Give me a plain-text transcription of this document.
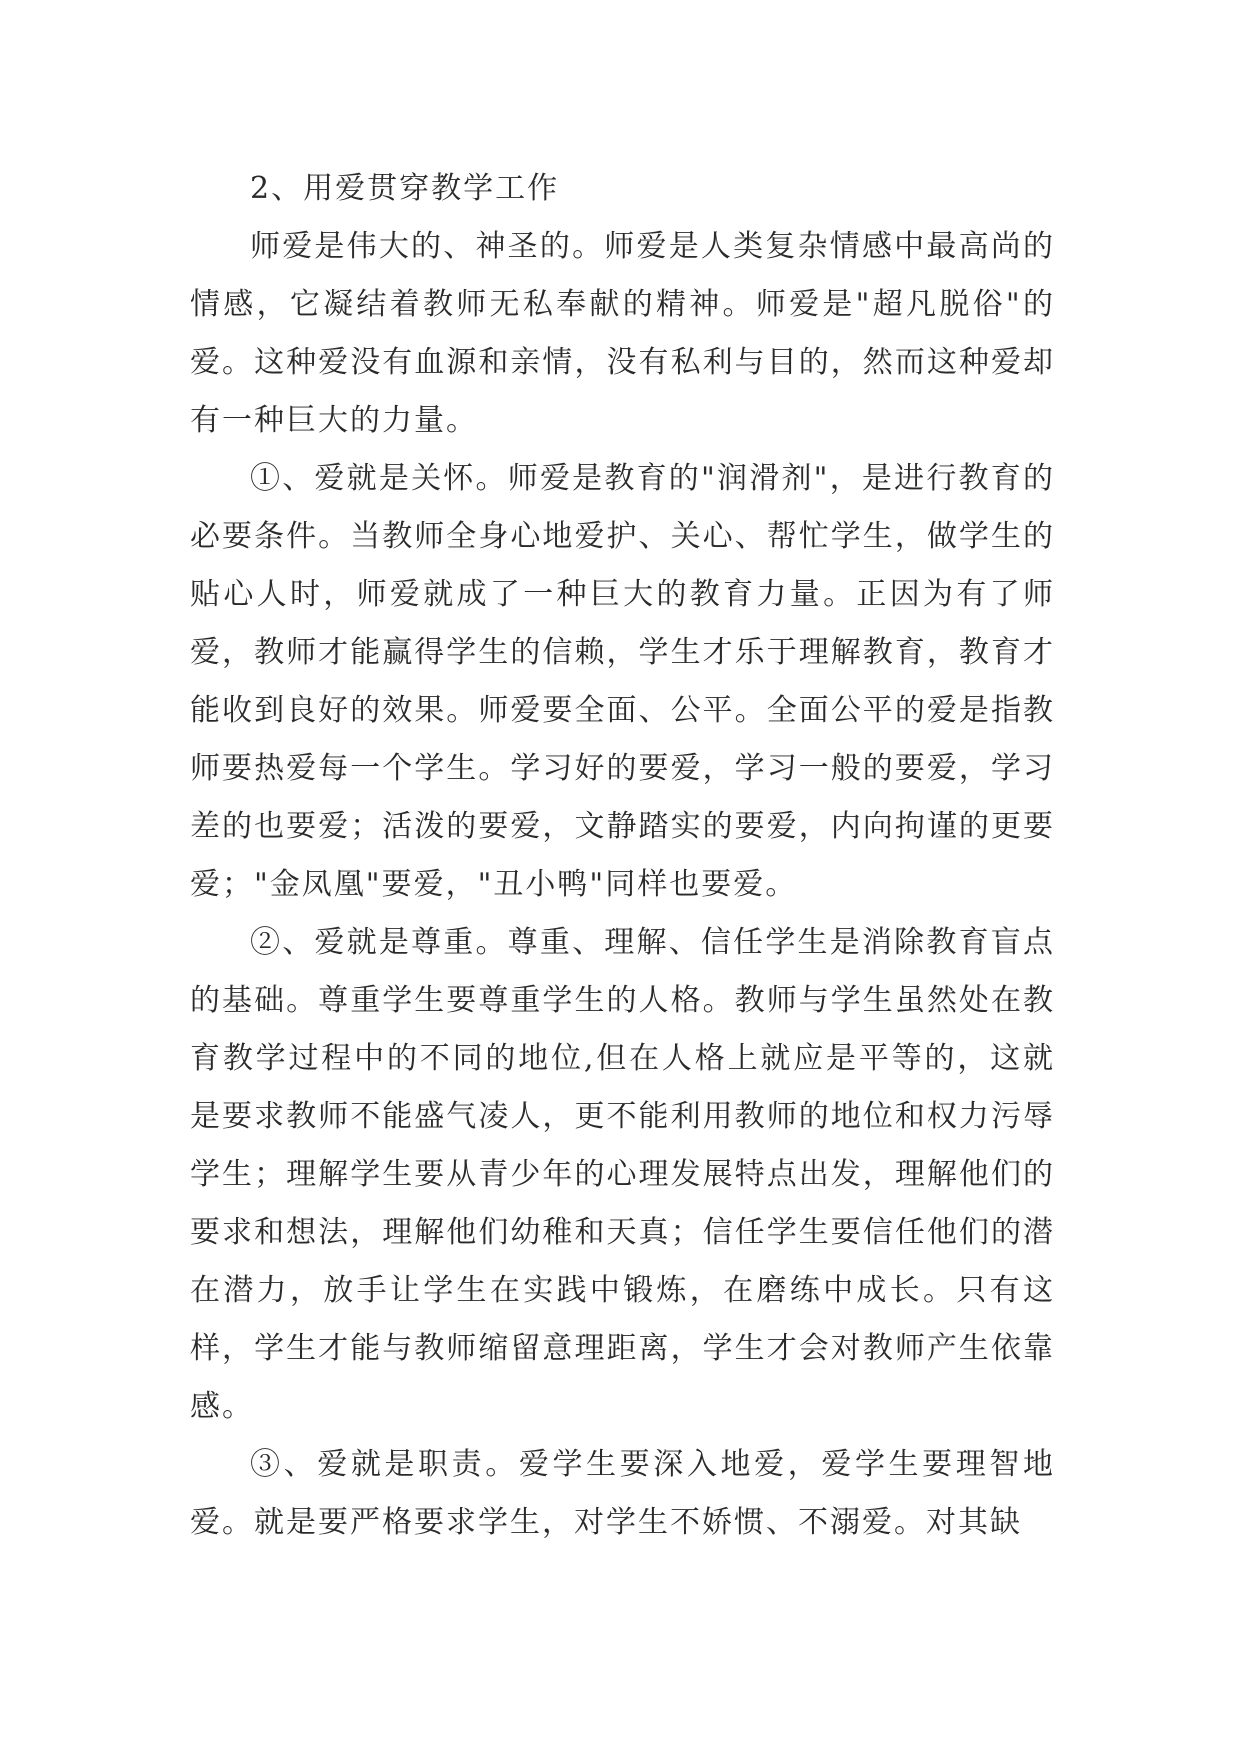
2、用爱贯穿教学工作

师爱是伟大的、神圣的。师爱是人类复杂情感中最高尚的情感，它凝结着教师无私奉献的精神。师爱是"超凡脱俗"的爱。这种爱没有血源和亲情，没有私利与目的，然而这种爱却有一种巨大的力量。

①、爱就是关怀。师爱是教育的"润滑剂"，是进行教育的必要条件。当教师全身心地爱护、关心、帮忙学生，做学生的贴心人时，师爱就成了一种巨大的教育力量。正因为有了师爱，教师才能赢得学生的信赖，学生才乐于理解教育，教育才能收到良好的效果。师爱要全面、公平。全面公平的爱是指教师要热爱每一个学生。学习好的要爱，学习一般的要爱，学习差的也要爱；活泼的要爱，文静踏实的要爱，内向拘谨的更要爱；"金凤凰"要爱，"丑小鸭"同样也要爱。

②、爱就是尊重。尊重、理解、信任学生是消除教育盲点的基础。尊重学生要尊重学生的人格。教师与学生虽然处在教育教学过程中的不同的地位,但在人格上就应是平等的，这就是要求教师不能盛气凌人，更不能利用教师的地位和权力污辱学生；理解学生要从青少年的心理发展特点出发，理解他们的要求和想法，理解他们幼稚和天真；信任学生要信任他们的潜在潜力，放手让学生在实践中锻炼，在磨练中成长。只有这样，学生才能与教师缩留意理距离，学生才会对教师产生依靠感。

③、爱就是职责。爱学生要深入地爱，爱学生要理智地爱。就是要严格要求学生，对学生不娇惯、不溺爱。对其缺
